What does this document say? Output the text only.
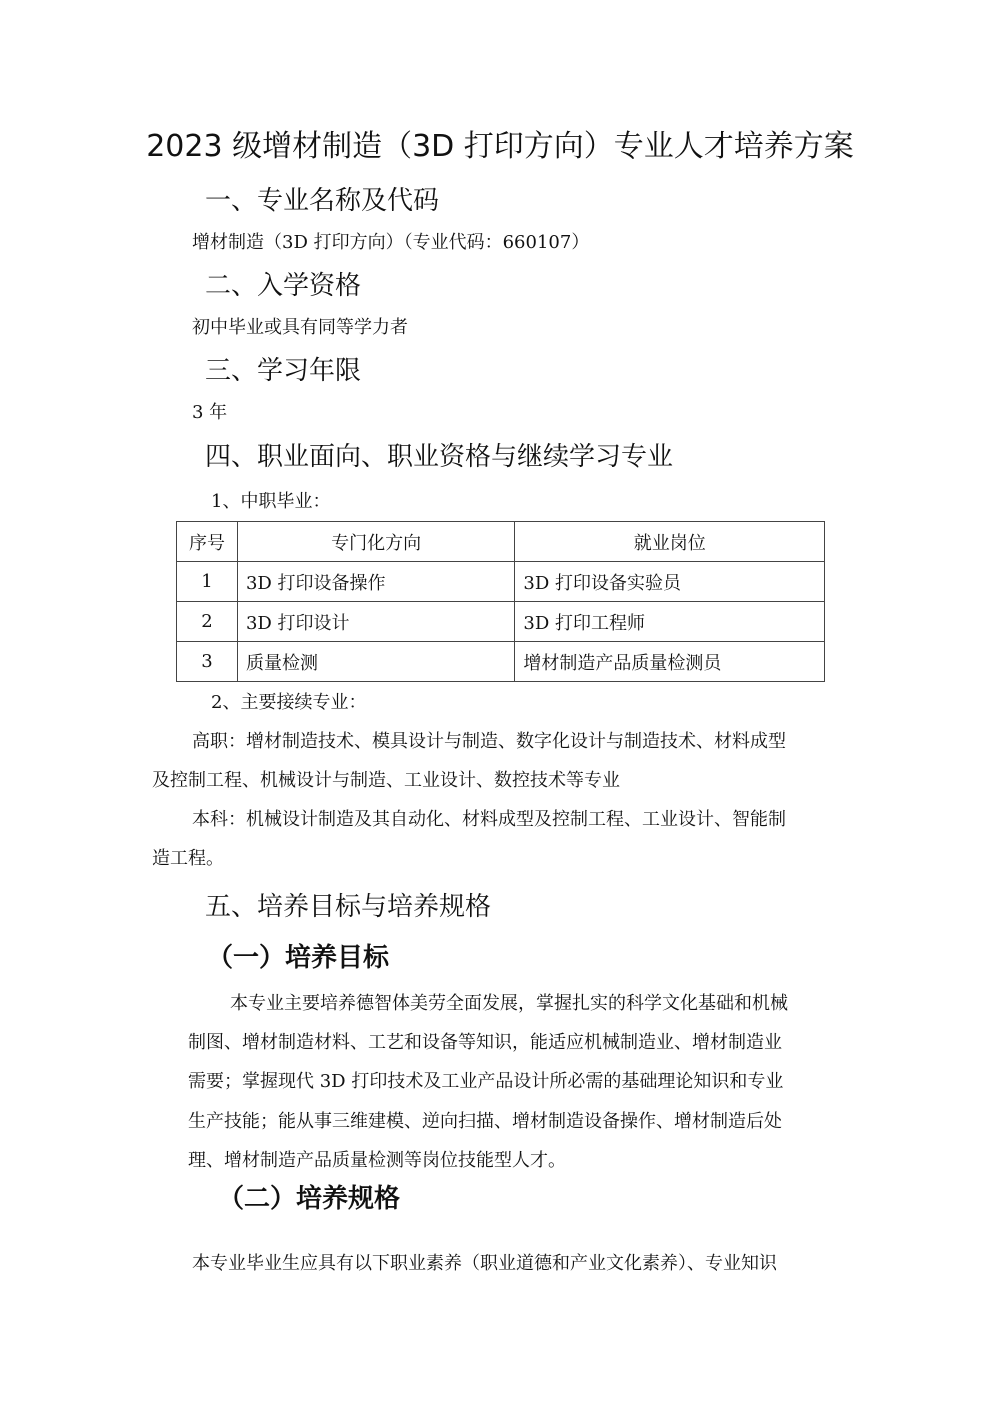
2023 级增材制造（3D 打印方向）专业人才培养方案
一、专业名称及代码
增材制造（3D 打印方向）（专业代码：660107）
二、入学资格
初中毕业或具有同等学力者
三、学习年限
3 年
四、职业面向、职业资格与继续学习专业
1、中职毕业：
序号	专门化方向	就业岗位
1	3D 打印设备操作	3D 打印设备实验员
2	3D 打印设计	3D 打印工程师
3	质量检测	增材制造产品质量检测员
2、主要接续专业：
高职：增材制造技术、模具设计与制造、数字化设计与制造技术、材料成型
及控制工程、机械设计与制造、工业设计、数控技术等专业
本科：机械设计制造及其自动化、材料成型及控制工程、工业设计、智能制
造工程。
五、培养目标与培养规格
（一）培养目标
本专业主要培养德智体美劳全面发展，掌握扎实的科学文化基础和机械
制图、增材制造材料、工艺和设备等知识，能适应机械制造业、增材制造业
需要；掌握现代 3D 打印技术及工业产品设计所必需的基础理论知识和专业
生产技能；能从事三维建模、逆向扫描、增材制造设备操作、增材制造后处
理、增材制造产品质量检测等岗位技能型人才。
（二）培养规格
本专业毕业生应具有以下职业素养（职业道德和产业文化素养）、专业知识
